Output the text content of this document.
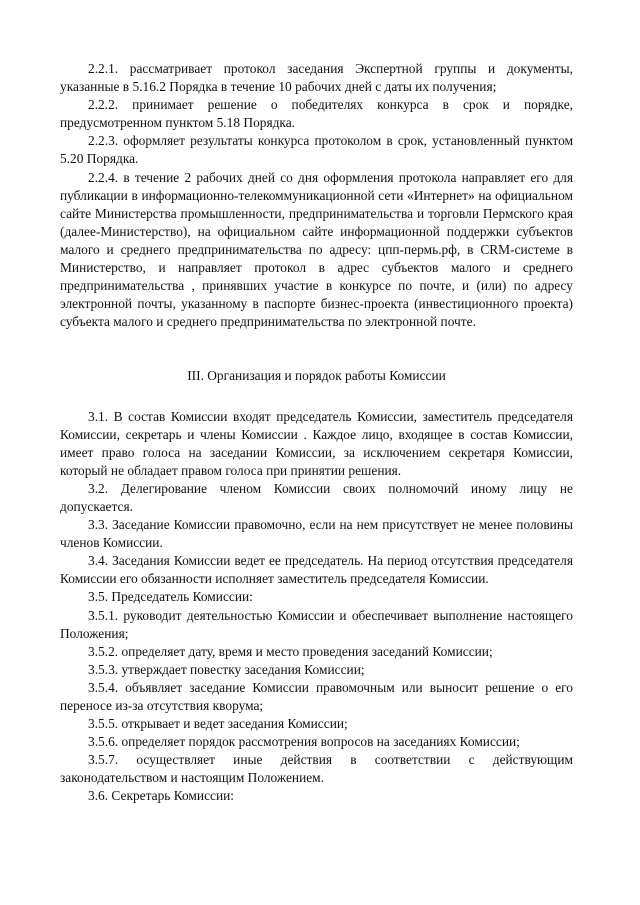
2.2.1. рассматривает протокол заседания Экспертной группы и документы, указанные в 5.16.2 Порядка в течение 10 рабочих дней с даты их получения;

2.2.2. принимает решение о победителях конкурса в срок и порядке, предусмотренном пунктом 5.18 Порядка.

2.2.3. оформляет результаты конкурса протоколом в срок, установленный пунктом 5.20 Порядка.

2.2.4. в течение 2 рабочих дней со дня оформления протокола направляет его для публикации в информационно-телекоммуникационной сети «Интернет» на официальном сайте Министерства промышленности, предпринимательства и торговли Пермского края (далее-Министерство), на официальном сайте информационной поддержки субъектов малого и среднего предпринимательства по адресу: цпп-пермь.рф, в CRM-системе в Министерство, и направляет протокол в адрес субъектов малого и среднего предпринимательства , принявших участие в конкурсе по почте, и (или) по адресу электронной почты, указанному в паспорте бизнес-проекта (инвестиционного проекта) субъекта малого и среднего предпринимательства по электронной почте.

III. Организация и порядок работы Комиссии

3.1. В состав Комиссии входят председатель Комиссии, заместитель председателя Комиссии, секретарь и члены Комиссии . Каждое лицо, входящее в состав Комиссии, имеет право голоса на заседании Комиссии, за исключением секретаря Комиссии, который не обладает правом голоса при принятии решения.

3.2. Делегирование членом Комиссии своих полномочий иному лицу не допускается.

3.3. Заседание Комиссии правомочно, если на нем присутствует не менее половины членов Комиссии.

3.4. Заседания Комиссии ведет ее председатель. На период отсутствия председателя Комиссии его обязанности исполняет заместитель председателя Комиссии.

3.5. Председатель Комиссии:

3.5.1. руководит деятельностью Комиссии и обеспечивает выполнение настоящего Положения;

3.5.2. определяет дату, время и место проведения заседаний Комиссии;

3.5.3. утверждает повестку заседания Комиссии;

3.5.4. объявляет заседание Комиссии правомочным или выносит решение о его переносе из-за отсутствия кворума;

3.5.5. открывает и ведет заседания Комиссии;

3.5.6. определяет порядок рассмотрения вопросов на заседаниях Комиссии;

3.5.7. осуществляет иные действия в соответствии с действующим законодательством и настоящим Положением.

3.6. Секретарь Комиссии:
